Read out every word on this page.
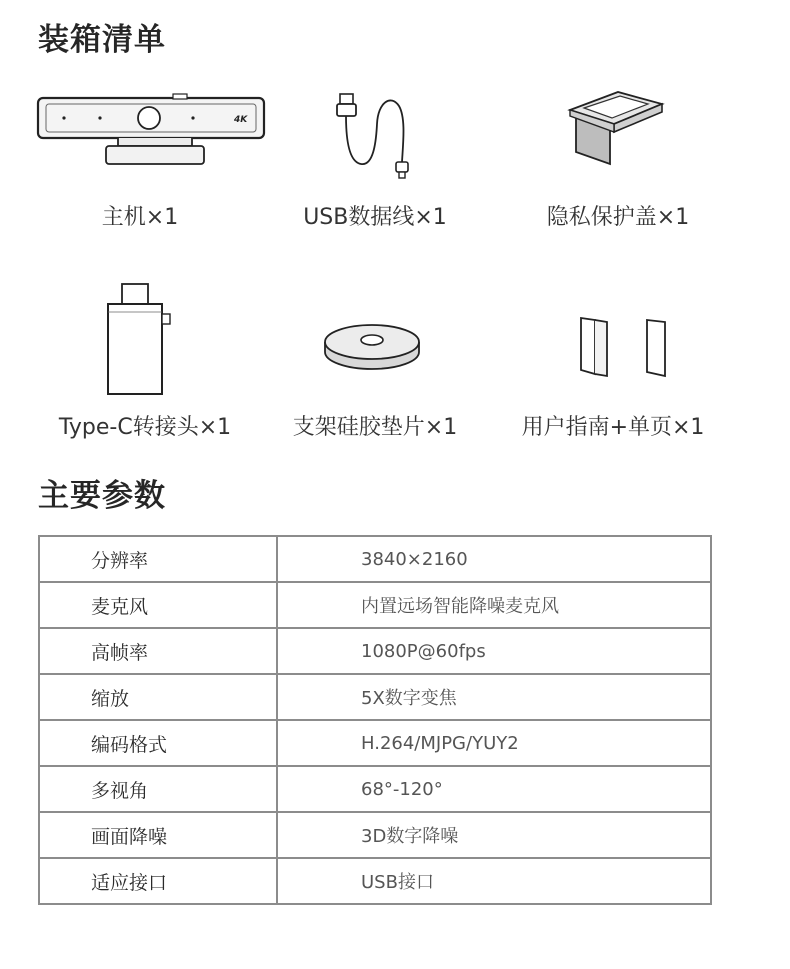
装箱清单
4K
主机×1	USB数据线×1	隐私保护盖×1
Type-C转接头×1	支架硅胶垫片×1	用户指南+单页×1
主要参数
分辨率	3840×2160
麦克风	内置远场智能降噪麦克风
高帧率	1080P@60fps
缩放	5X数字变焦
编码格式	H.264/MJPG/YUY2
多视角	68°-120°
画面降噪	3D数字降噪
适应接口	USB接口
